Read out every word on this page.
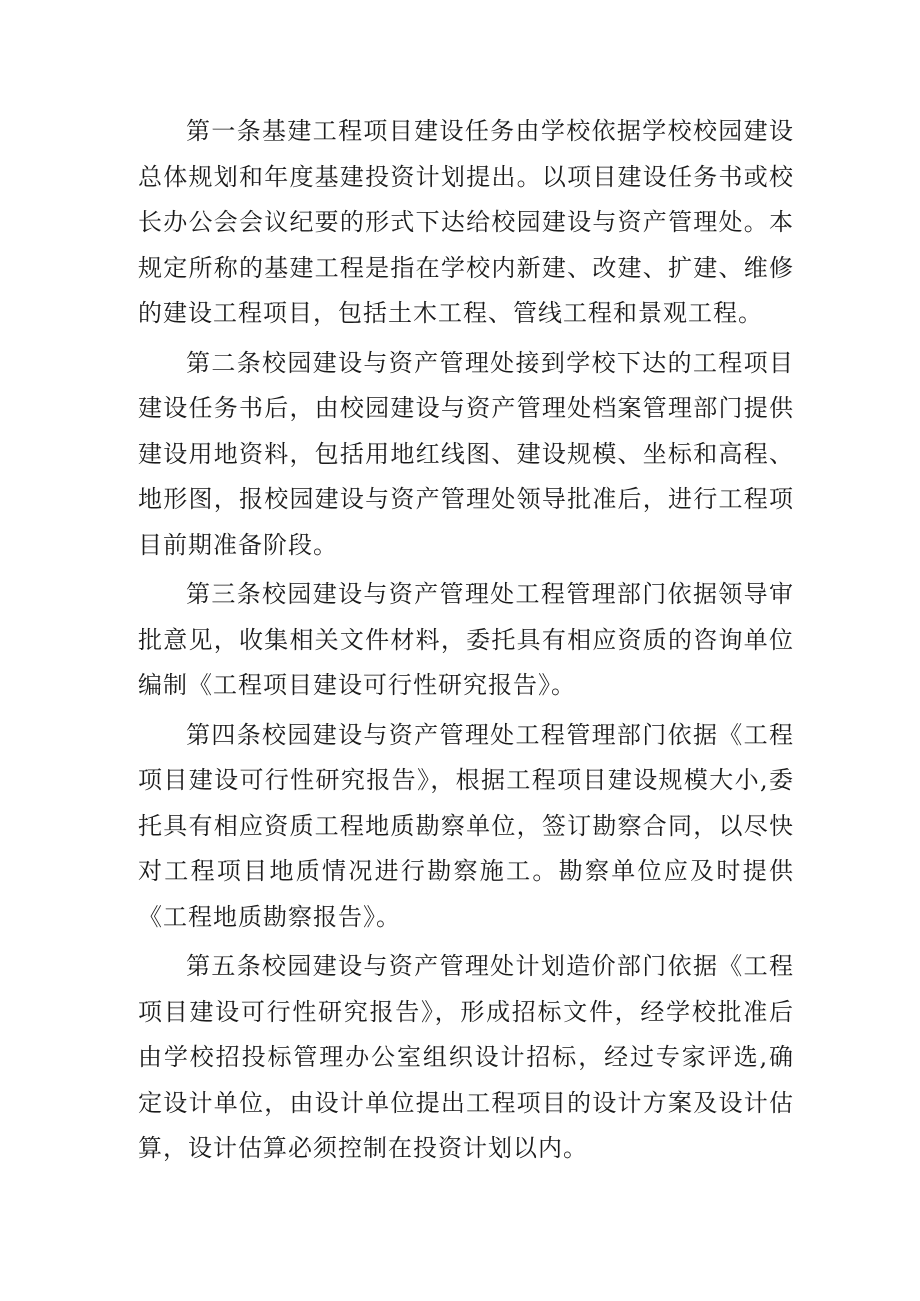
第一条基建工程项目建设任务由学校依据学校校园建设总体规划和年度基建投资计划提出。以项目建设任务书或校长办公会会议纪要的形式下达给校园建设与资产管理处。本规定所称的基建工程是指在学校内新建、改建、扩建、维修的建设工程项目，包括土木工程、管线工程和景观工程。

第二条校园建设与资产管理处接到学校下达的工程项目建设任务书后，由校园建设与资产管理处档案管理部门提供建设用地资料，包括用地红线图、建设规模、坐标和高程、地形图，报校园建设与资产管理处领导批准后，进行工程项目前期准备阶段。

第三条校园建设与资产管理处工程管理部门依据领导审批意见，收集相关文件材料，委托具有相应资质的咨询单位编制《工程项目建设可行性研究报告》。

第四条校园建设与资产管理处工程管理部门依据《工程项目建设可行性研究报告》，根据工程项目建设规模大小,委托具有相应资质工程地质勘察单位，签订勘察合同，以尽快对工程项目地质情况进行勘察施工。勘察单位应及时提供《工程地质勘察报告》。

第五条校园建设与资产管理处计划造价部门依据《工程项目建设可行性研究报告》，形成招标文件，经学校批准后由学校招投标管理办公室组织设计招标，经过专家评选,确定设计单位，由设计单位提出工程项目的设计方案及设计估算，设计估算必须控制在投资计划以内。
